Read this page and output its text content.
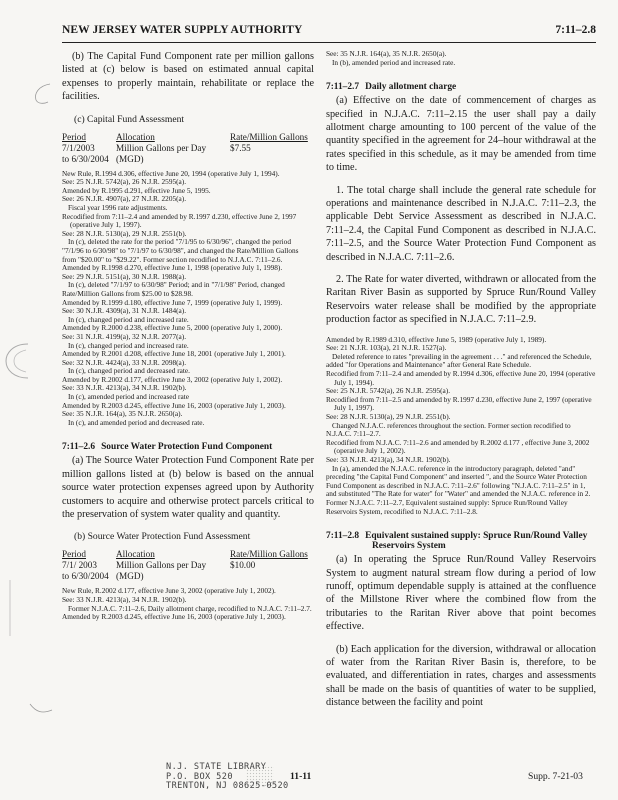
NEW JERSEY WATER SUPPLY AUTHORITY	7:11–2.8

(b) The Capital Fund Component rate per million gallons listed at (c) below is based on estimated annual capital expenses to properly maintain, rehabilitate or replace the facilities.

(c) Capital Fund Assessment

Period
7/1/2003
to 6/30/2004
Allocation
Million Gallons per Day
(MGD)
Rate/Million Gallons
$7.55

New Rule, R.1994 d.306, effective June 20, 1994 (operative July 1, 1994).

See: 25 N.J.R. 5742(a), 26 N.J.R. 2595(a).

Amended by R.1995 d.291, effective June 5, 1995.

See: 26 N.J.R. 4907(a), 27 N.J.R. 2205(a).

Fiscal year 1996 rate adjustments.

Recodified from 7:11–2.4 and amended by R.1997 d.230, effective June 2, 1997 (operative July 1, 1997).

See: 28 N.J.R. 5130(a), 29 N.J.R. 2551(b).

In (c), deleted the rate for the period "7/1/95 to 6/30/96", changed the period "7/1/96 to 6/30/98" to "7/1/97 to 6/30/98", and changed the Rate/Million Gallons from "$20.00" to "$29.22". Former section recodified to N.J.A.C. 7:11–2.6.

Amended by R.1998 d.270, effective June 1, 1998 (operative July 1, 1998).

See: 29 N.J.R. 5151(a), 30 N.J.R. 1988(a).

In (c), deleted "7/1/97 to 6/30/98" Period; and in "7/1/98" Period, changed Rate/Million Gallons from $25.00 to $28.98.

Amended by R.1999 d.180, effective June 7, 1999 (operative July 1, 1999).

See: 30 N.J.R. 4309(a), 31 N.J.R. 1484(a).

In (c), changed period and increased rate.

Amended by R.2000 d.238, effective June 5, 2000 (operative July 1, 2000).

See: 31 N.J.R. 4199(a), 32 N.J.R. 2077(a).

In (c), changed period and increased rate.

Amended by R.2001 d.208, effective June 18, 2001 (operative July 1, 2001).

See: 32 N.J.R. 4424(a), 33 N.J.R. 2098(a).

In (c), changed period and decreased rate.

Amended by R.2002 d.177, effective June 3, 2002 (operative July 1, 2002).

See: 33 N.J.R. 4213(a), 34 N.J.R. 1902(b).

In (c), amended period and increased rate

Amended by R.2003 d.245, effective June 16, 2003 (operative July 1, 2003).

See: 35 N.J.R. 164(a), 35 N.J.R. 2650(a).

In (c), and amended period and decreased rate.

7:11–2.6 Source Water Protection Fund Component

(a) The Source Water Protection Fund Component Rate per million gallons listed at (b) below is based on the annual source water protection expenses agreed upon by Authority customers to acquire and otherwise protect parcels critical to the preservation of system water quality and quantity.

(b) Source Water Protection Fund Assessment

Period
7/1/ 2003
to 6/30/2004
Allocation
Million Gallons per Day
(MGD)
Rate/Million Gallons
$10.00

New Rule, R.2002 d.177, effective June 3, 2002 (operative July 1, 2002).

See: 33 N.J.R. 4213(a), 34 N.J.R. 1902(b).

Former N.J.A.C. 7:11–2.6, Daily allotment charge, recodified to N.J.A.C. 7:11–2.7.

Amended by R.2003 d.245, effective June 16, 2003 (operative July 1, 2003).

See: 35 N.J.R. 164(a), 35 N.J.R. 2650(a).

In (b), amended period and increased rate.

7:11–2.7 Daily allotment charge

(a) Effective on the date of commencement of charges as specified in N.J.A.C. 7:11–2.15 the user shall pay a daily allotment charge amounting to 100 percent of the value of the quantity specified in the agreement for 24–hour withdrawal at the rates specified in this schedule, as it may be amended from time to time.

1. The total charge shall include the general rate schedule for operations and maintenance described in N.J.A.C. 7:11–2.3, the applicable Debt Service Assessment as described in N.J.A.C. 7:11–2.4, the Capital Fund Component as described in N.J.A.C. 7:11–2.5, and the Source Water Protection Fund Component as described in N.J.A.C. 7:11–2.6.

2. The Rate for water diverted, withdrawn or allocated from the Raritan River Basin as supported by Spruce Run/Round Valley Reservoirs water release shall be modified by the appropriate production factor as specified in N.J.A.C. 7:11–2.9.

Amended by R.1989 d.310, effective June 5, 1989 (operative July 1, 1989).

See: 21 N.J.R. 103(a), 21 N.J.R. 1527(a).

Deleted reference to rates "prevailing in the agreement . . ." and referenced the Schedule, added "for Operations and Maintenance" after General Rate Schedule.

Recodified from 7:11–2.4 and amended by R.1994 d.306, effective June 20, 1994 (operative July 1, 1994).

See: 25 N.J.R. 5742(a), 26 N.J.R. 2595(a).

Recodified from 7:11–2.5 and amended by R.1997 d.230, effective June 2, 1997 (operative July 1, 1997).

See: 28 N.J.R. 5130(a), 29 N.J.R. 2551(b).

Changed N.J.A.C. references throughout the section. Former section recodified to N.J.A.C. 7:11–2.7.

Recodified from N.J.A.C. 7:11–2.6 and amended by R.2002 d.177 , effective June 3, 2002 (operative July 1, 2002).

See: 33 N.J.R. 4213(a), 34 N.J.R. 1902(b).

In (a), amended the N.J.A.C. reference in the introductory paragraph, deleted "and" preceding "the Capital Fund Component" and inserted ", and the Source Water Protection Fund Component as described in N.J.A.C. 7:11–2.6" following "N.J.A.C. 7:11–2.5" in 1, and substituted "The Rate for water" for "Water" and amended the N.J.A.C. reference in 2. Former N.J.A.C. 7:11–2.7, Equivalent sustained supply: Spruce Run/Round Valley Reservoirs System, recodified to N.J.A.C. 7:11–2.8.

7:11–2.8 Equivalent sustained supply: Spruce Run/Round Valley Reservoirs System

(a) In operating the Spruce Run/Round Valley Reservoirs System to augment natural stream flow during a period of low runoff, optimum dependable supply is attained at the confluence of the Millstone River where the combined flow from the tributaries to the Raritan River above that point becomes effective.

(b) Each application for the diversion, withdrawal or allocation of water from the Raritan River Basin is, therefore, to be evaluated, and differentiation in rates, charges and assessments shall be made on the basis of quantities of water to be supplied, distance between the facility and point

N.J. STATE LIBRARY
P.O. BOX 520
TRENTON, NJ 08625-0520
11-11	Supp. 7-21-03
